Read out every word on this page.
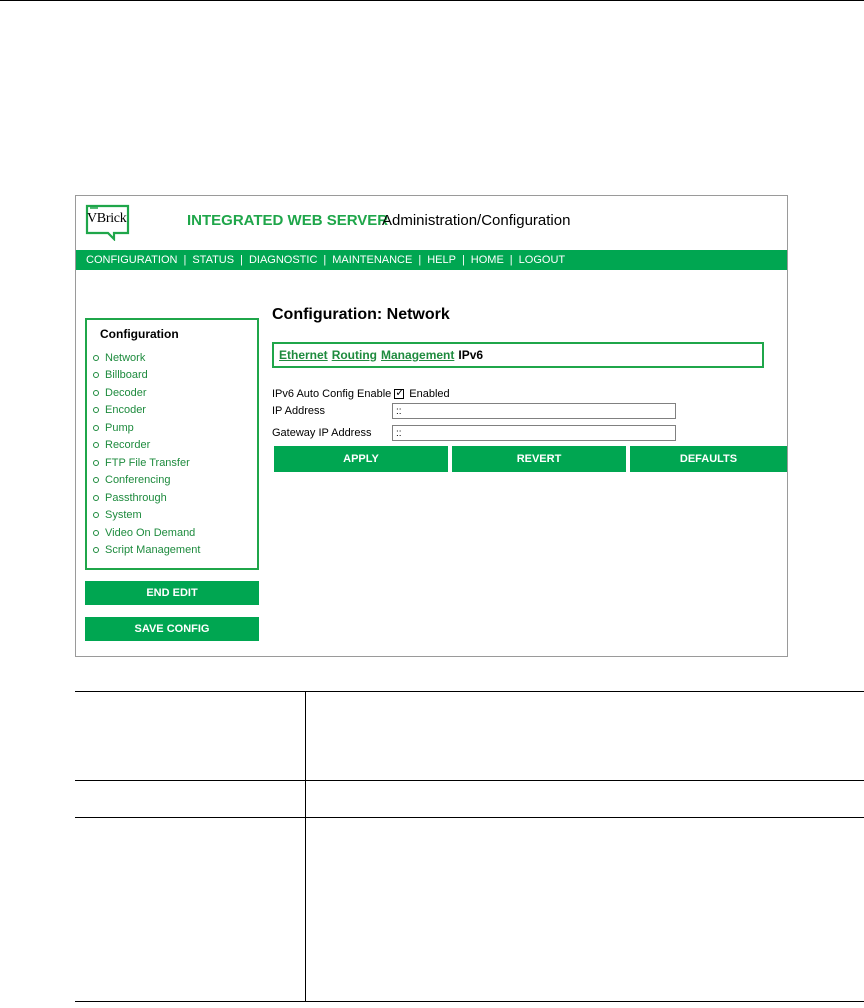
VBrick	INTEGRATED WEB SERVER
Administration/Configuration
CONFIGURATION | STATUS | DIAGNOSTIC | MAINTENANCE | HELP | HOME | LOGOUT
Configuration
Network
Billboard
Decoder
Encoder
Pump
Recorder
FTP File Transfer
Conferencing
Passthrough
System
Video On Demand
Script Management
END EDIT
SAVE CONFIG
Configuration: Network
Ethernet Routing Management IPv6
IPv6 Auto Config Enable ✓ Enabled
IP Address
::
Gateway IP Address
::
APPLY	REVERT	DEFAULTS
